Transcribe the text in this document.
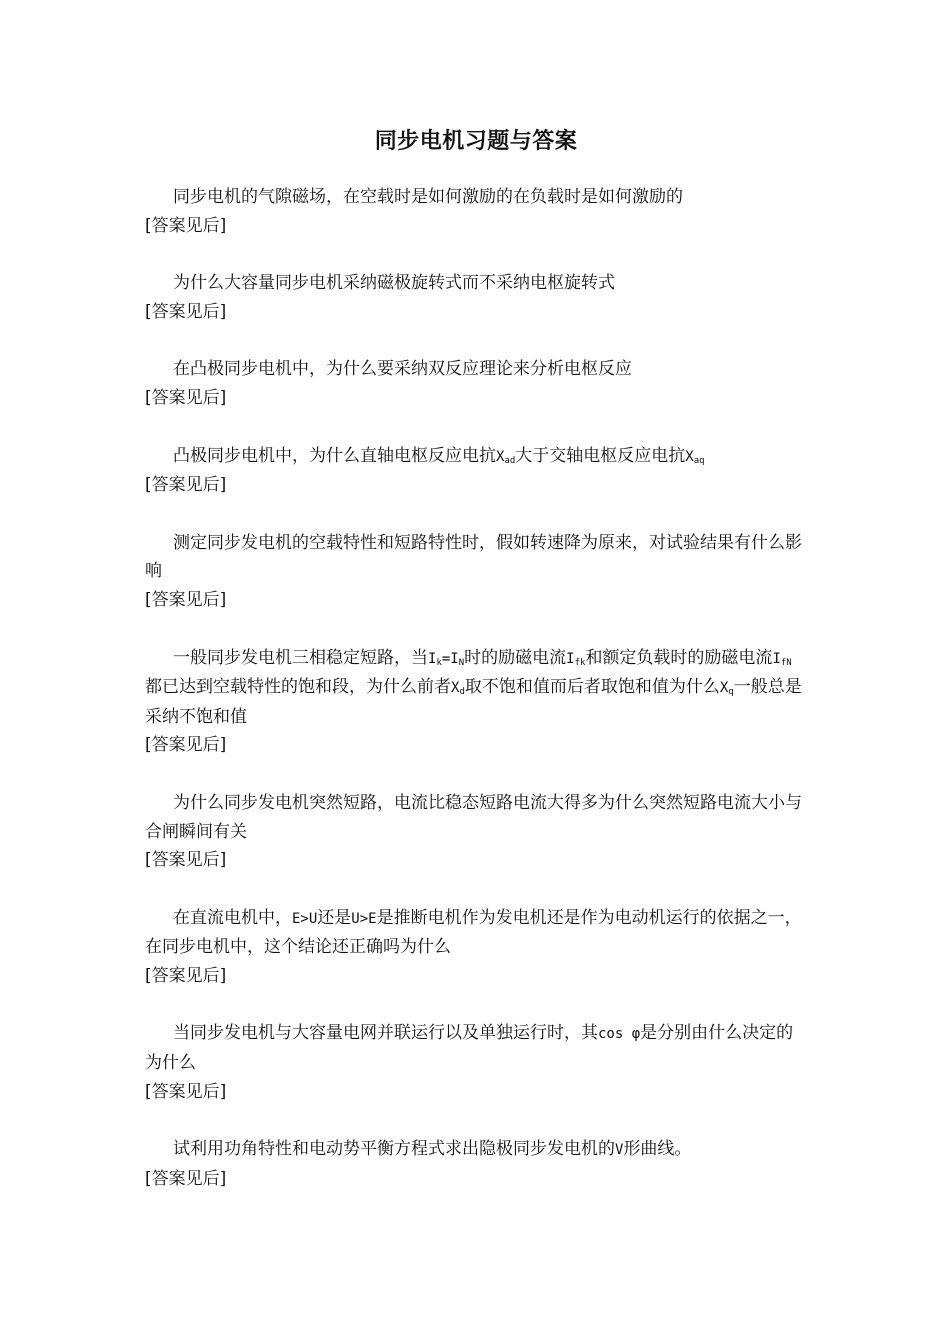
同步电机习题与答案

同步电机的气隙磁场，在空载时是如何激励的在负载时是如何激励的

[答案见后]

为什么大容量同步电机采纳磁极旋转式而不采纳电枢旋转式

[答案见后]

在凸极同步电机中，为什么要采纳双反应理论来分析电枢反应

[答案见后]

凸极同步电机中，为什么直轴电枢反应电抗$X_{ad}$大于交轴电枢反应电抗$X_{aq}$

[答案见后]

测定同步发电机的空载特性和短路特性时，假如转速降为原来，对试验结果有什么影响

[答案见后]

一般同步发电机三相稳定短路，当$I_k=I_N$时的励磁电流$I_{fk}$和额定负载时的励磁电流$I_{fN}$都已达到空载特性的饱和段，为什么前者$X_d$取不饱和值而后者取饱和值为什么$X_q$一般总是采纳不饱和值

[答案见后]

为什么同步发电机突然短路，电流比稳态短路电流大得多为什么突然短路电流大小与合闸瞬间有关

[答案见后]

在直流电机中，E>U还是U>E是推断电机作为发电机还是作为电动机运行的依据之一，在同步电机中，这个结论还正确吗为什么

[答案见后]

当同步发电机与大容量电网并联运行以及单独运行时，其cos φ是分别由什么决定的为什么

[答案见后]

试利用功角特性和电动势平衡方程式求出隐极同步发电机的V形曲线。

[答案见后]
